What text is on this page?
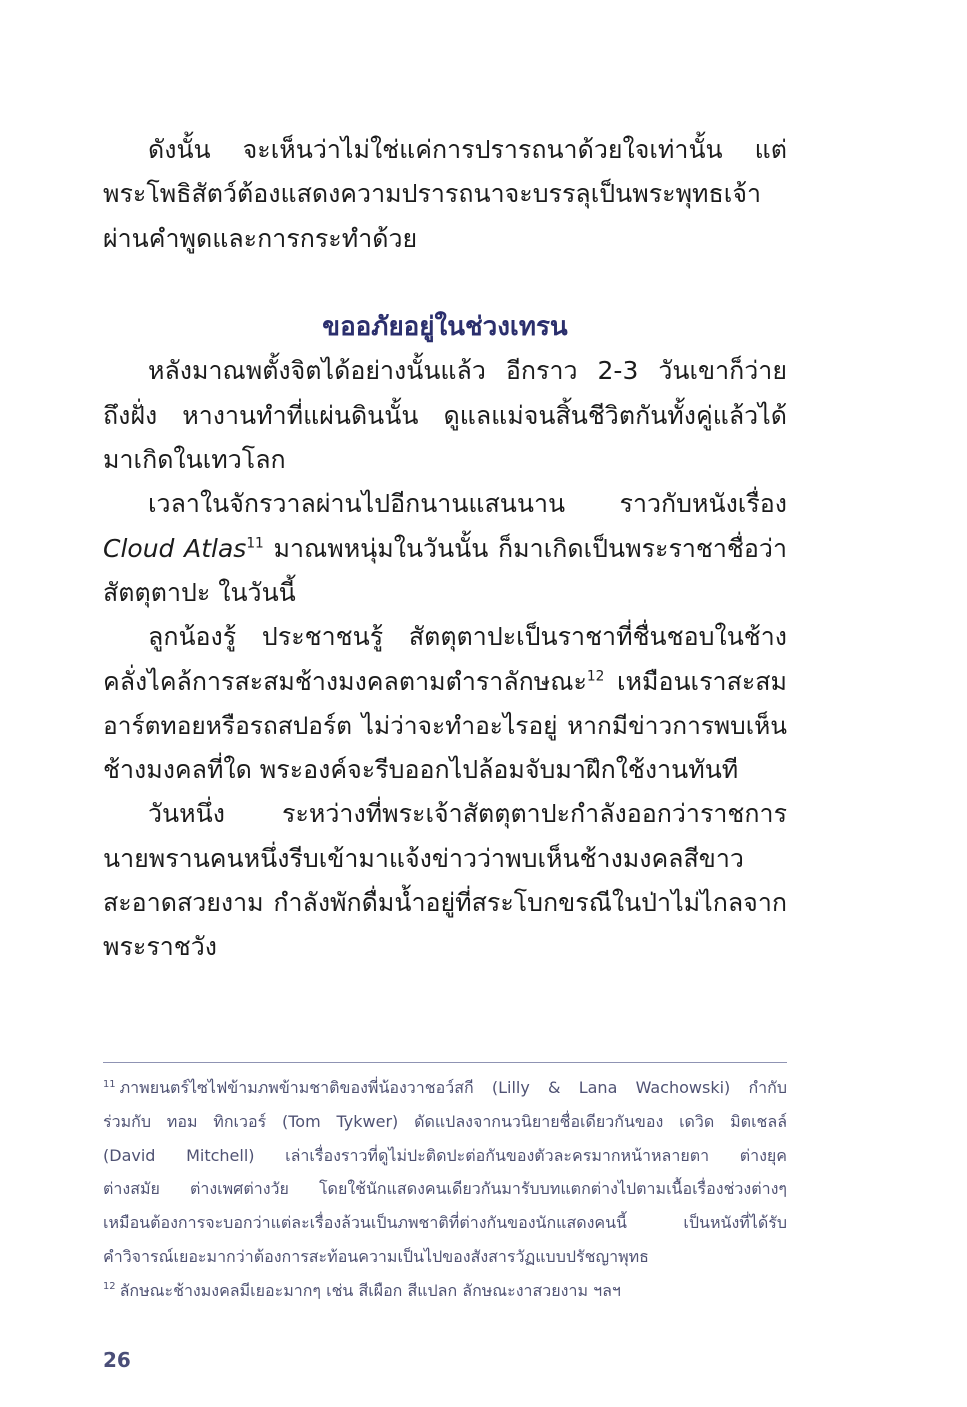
ดังนั้น จะเห็นว่าไม่ใช่แค่การปรารถนาด้วยใจเท่านั้น แต่
พระโพธิสัตว์ต้องแสดงความปรารถนาจะบรรลุเป็นพระพุทธเจ้า
ผ่านคำพูดและการกระทำด้วย
ขออภัยอยู่ในช่วงเทรน
หลังมาณพตั้งจิตได้อย่างนั้นแล้ว อีกราว 2-3 วันเขาก็ว่าย
ถึงฝั่ง หางานทำที่แผ่นดินนั้น ดูแลแม่จนสิ้นชีวิตกันทั้งคู่แล้วได้
มาเกิดในเทวโลก
เวลาในจักรวาลผ่านไปอีกนานแสนนาน ราวกับหนังเรื่อง
Cloud Atlas$^{11}$ มาณพหนุ่มในวันนั้น ก็มาเกิดเป็นพระราชาชื่อว่า
สัตตุตาปะ ในวันนี้
ลูกน้องรู้ ประชาชนรู้ สัตตุตาปะเป็นราชาที่ชื่นชอบในช้าง
คลั่งไคล้การสะสมช้างมงคลตามตำราลักษณะ$^{12}$ เหมือนเราสะสม
อาร์ตทอยหรือรถสปอร์ต ไม่ว่าจะทำอะไรอยู่ หากมีข่าวการพบเห็น
ช้างมงคลที่ใด พระองค์จะรีบออกไปล้อมจับมาฝึกใช้งานทันที
วันหนึ่ง ระหว่างที่พระเจ้าสัตตุตาปะกำลังออกว่าราชการ
นายพรานคนหนึ่งรีบเข้ามาแจ้งข่าวว่าพบเห็นช้างมงคลสีขาว
สะอาดสวยงาม กำลังพักดื่มน้ำอยู่ที่สระโบกขรณีในป่าไม่ไกลจาก
พระราชวัง
$^{11}$ ภาพยนตร์ไซไฟข้ามภพข้ามชาติของพี่น้องวาชอว์สกี (Lilly & Lana Wachowski) กำกับ
ร่วมกับ ทอม ทิกเวอร์ (Tom Tykwer) ดัดแปลงจากนวนิยายชื่อเดียวกันของ เดวิด มิตเชลล์
(David Mitchell) เล่าเรื่องราวที่ดูไม่ปะติดปะต่อกันของตัวละครมากหน้าหลายตา ต่างยุค
ต่างสมัย ต่างเพศต่างวัย โดยใช้นักแสดงคนเดียวกันมารับบทแตกต่างไปตามเนื้อเรื่องช่วงต่างๆ
เหมือนต้องการจะบอกว่าแต่ละเรื่องล้วนเป็นภพชาติที่ต่างกันของนักแสดงคนนี้ เป็นหนังที่ได้รับ
คำวิจารณ์เยอะมากว่าต้องการสะท้อนความเป็นไปของสังสารวัฏแบบปรัชญาพุทธ
$^{12}$ ลักษณะช้างมงคลมีเยอะมากๆ เช่น สีเผือก สีแปลก ลักษณะงาสวยงาม ฯลฯ
26
